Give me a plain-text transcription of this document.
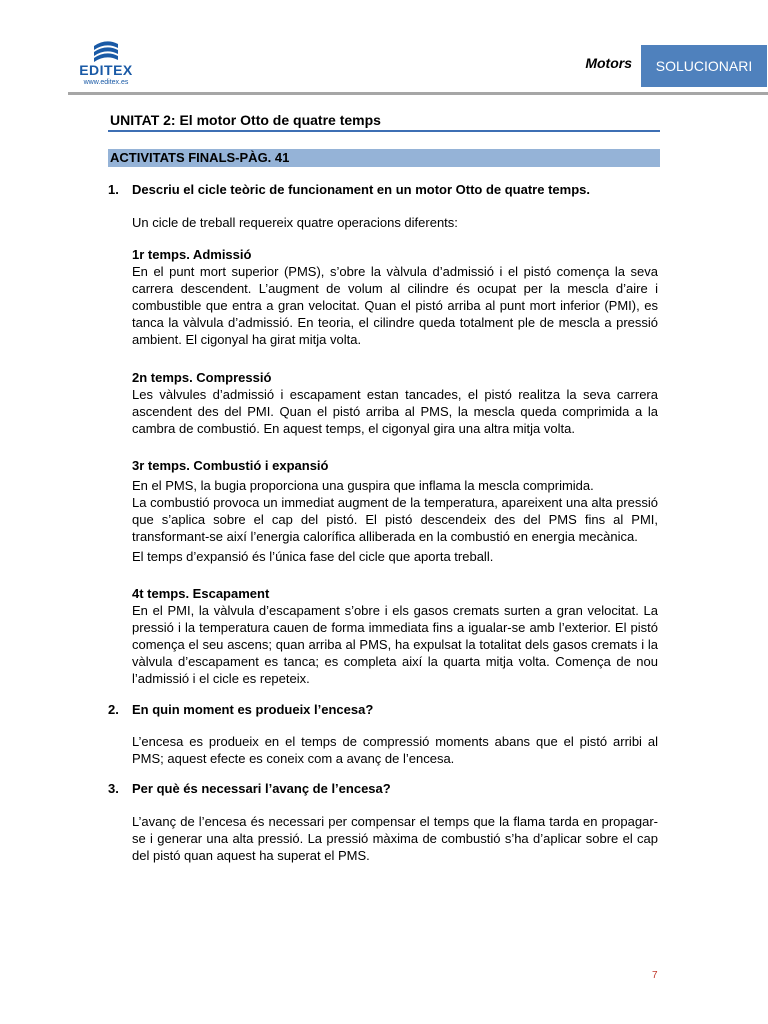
EDITEX
www.editex.es
Motors	SOLUCIONARI
UNITAT 2: El motor Otto de quatre temps
ACTIVITATS FINALS-PÀG. 41
1. Descriu el cicle teòric de funcionament en un motor Otto de quatre temps.
Un cicle de treball requereix quatre operacions diferents:
1r temps. Admissió
En el punt mort superior (PMS), s’obre la vàlvula d’admissió i el pistó comença la seva carrera descendent. L’augment de volum al cilindre és ocupat per la mescla d’aire i combustible que entra a gran velocitat. Quan el pistó arriba al punt mort inferior (PMI), es tanca la vàlvula d’admissió. En teoria, el cilindre queda totalment ple de mescla a pressió ambient. El cigonyal ha girat mitja volta.
2n temps. Compressió
Les vàlvules d’admissió i escapament estan tancades, el pistó realitza la seva carrera ascendent des del PMI. Quan el pistó arriba al PMS, la mescla queda comprimida a la cambra de combustió. En aquest temps, el cigonyal gira una altra mitja volta.
3r temps. Combustió i expansió

En el PMS, la bugia proporciona una guspira que inflama la mescla comprimida.

La combustió provoca un immediat augment de la temperatura, apareixent una alta pressió que s’aplica sobre el cap del pistó. El pistó descendeix des del PMS fins al PMI, transformant-se així l’energia calorífica alliberada en la combustió en energia mecànica.

El temps d’expansió és l’única fase del cicle que aporta treball.

4t temps. Escapament
En el PMI, la vàlvula d’escapament s’obre i els gasos cremats surten a gran velocitat. La pressió i la temperatura cauen de forma immediata fins a igualar-se amb l’exterior. El pistó comença el seu ascens; quan arriba al PMS, ha expulsat la totalitat dels gasos cremats i la vàlvula d’escapament es tanca; es completa així la quarta mitja volta. Comença de nou l’admissió i el cicle es repeteix.
2. En quin moment es produeix l’encesa?
L’encesa es produeix en el temps de compressió moments abans que el pistó arribi al PMS; aquest efecte es coneix com a avanç de l’encesa.
3. Per què és necessari l’avanç de l’encesa?
L’avanç de l’encesa és necessari per compensar el temps que la flama tarda en propagar-se i generar una alta pressió. La pressió màxima de combustió s’ha d’aplicar sobre el cap del pistó quan aquest ha superat el PMS.
7
